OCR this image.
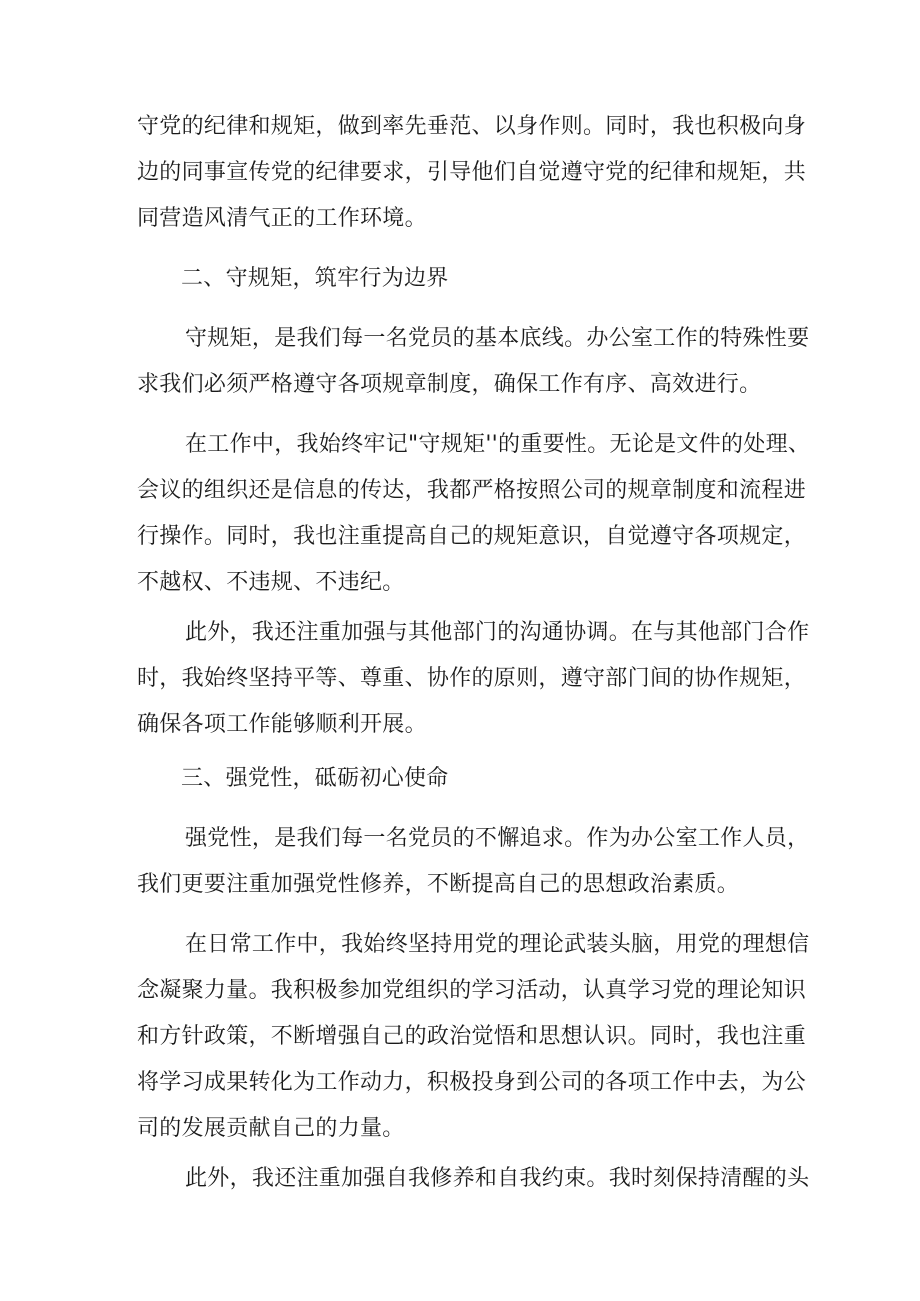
守党的纪律和规矩，做到率先垂范、以身作则。同时，我也积极向身
边的同事宣传党的纪律要求，引导他们自觉遵守党的纪律和规矩，共
同营造风清气正的工作环境。
二、守规矩，筑牢行为边界
守规矩，是我们每一名党员的基本底线。办公室工作的特殊性要
求我们必须严格遵守各项规章制度，确保工作有序、高效进行。
在工作中，我始终牢记"守规矩''的重要性。无论是文件的处理、
会议的组织还是信息的传达，我都严格按照公司的规章制度和流程进
行操作。同时，我也注重提高自己的规矩意识，自觉遵守各项规定，
不越权、不违规、不违纪。
此外，我还注重加强与其他部门的沟通协调。在与其他部门合作
时，我始终坚持平等、尊重、协作的原则，遵守部门间的协作规矩，
确保各项工作能够顺利开展。
三、强党性，砥砺初心使命
强党性，是我们每一名党员的不懈追求。作为办公室工作人员，
我们更要注重加强党性修养，不断提高自己的思想政治素质。
在日常工作中，我始终坚持用党的理论武装头脑，用党的理想信
念凝聚力量。我积极参加党组织的学习活动，认真学习党的理论知识
和方针政策，不断增强自己的政治觉悟和思想认识。同时，我也注重
将学习成果转化为工作动力，积极投身到公司的各项工作中去，为公
司的发展贡献自己的力量。
此外，我还注重加强自我修养和自我约束。我时刻保持清醒的头
